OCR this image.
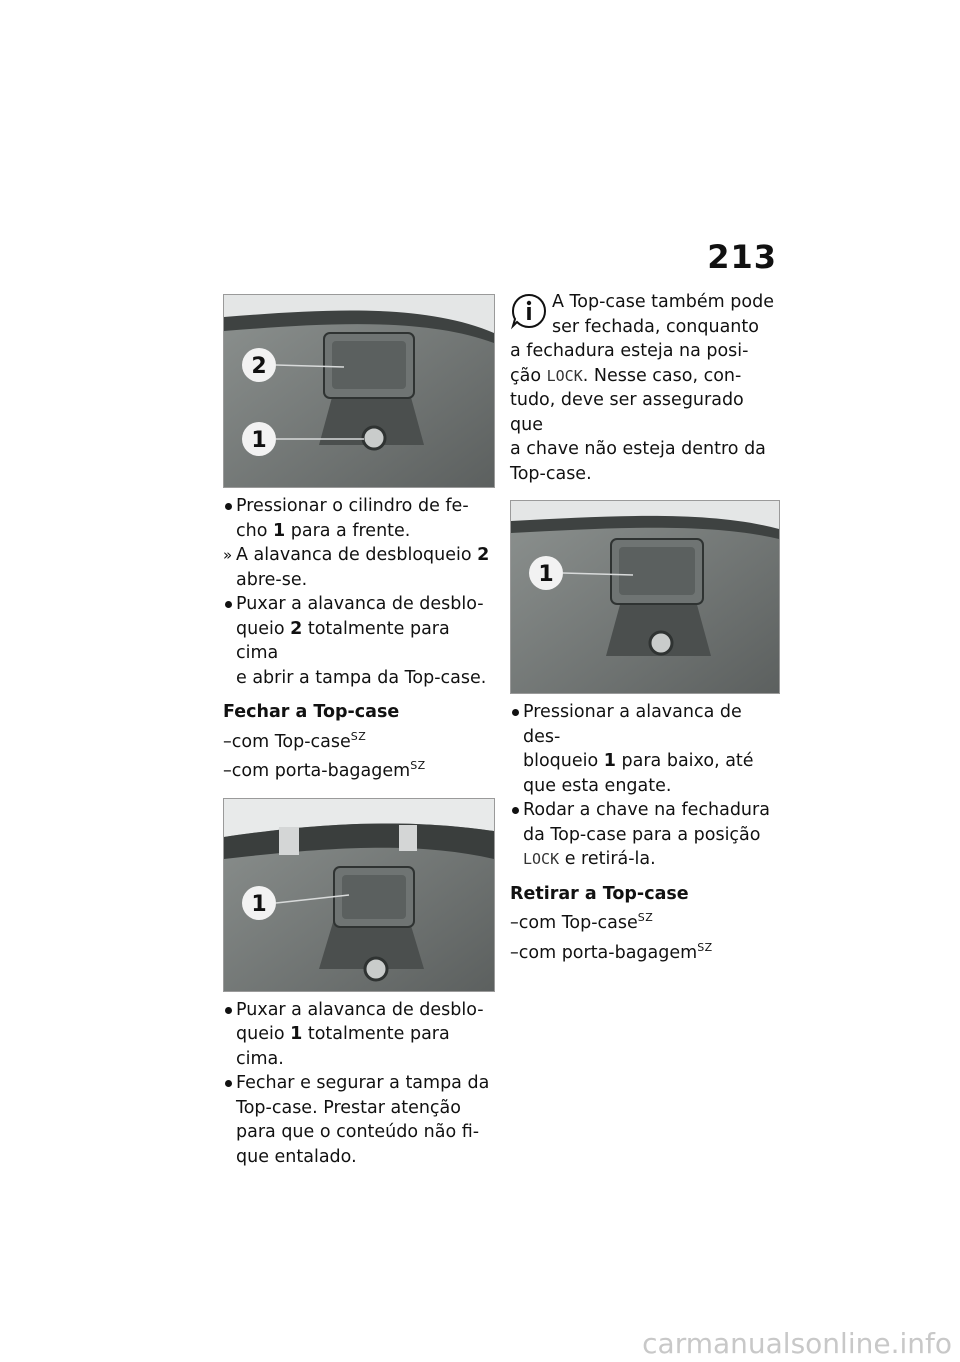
213
2
1
Pressionar o cilindro de fe-
cho 1 para a frente.
» A alavanca de desbloqueio 2
abre-se.
Puxar a alavanca de desblo-
queio 2 totalmente para cima
e abrir a tampa da Top-case.

Fechar a Top-case

–com Top-case$^{SZ}$

–com porta-bagagem$^{SZ}$

1
Puxar a alavanca de desblo-
queio 1 totalmente para cima.
Fechar e segurar a tampa da
Top-case. Prestar atenção
para que o conteúdo não fi-
que entalado.
A Top-case também pode
ser fechada, conquanto
a fechadura esteja na posi-
ção LOCK. Nesse caso, con-
tudo, deve ser assegurado que
a chave não esteja dentro da
Top-case.
1
Pressionar a alavanca de des-
bloqueio 1 para baixo, até
que esta engate.
Rodar a chave na fechadura
da Top-case para a posição
LOCK e retirá-la.

Retirar a Top-case

–com Top-case$^{SZ}$

–com porta-bagagem$^{SZ}$

carmanualsonline.info
